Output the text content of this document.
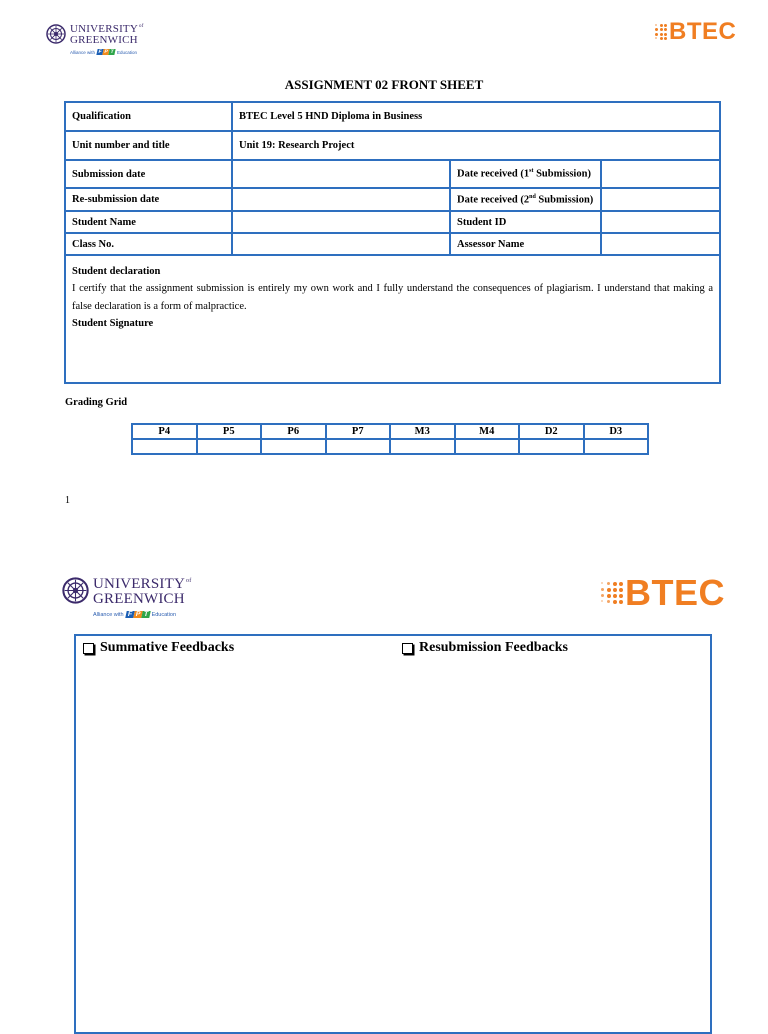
$UNIVERSITY_{of}$
GREENWICH
Alliance with F P T Education
BTEC
ASSIGNMENT 02 FRONT SHEET
Qualification	BTEC Level 5 HND Diploma in Business		
Unit number and title	Unit 19: Research Project		
Submission date		Date received (1st Submission)	
Re-submission date		Date received (2nd Submission)	
Student Name		Student ID	
Class No.		Assessor Name	

Student declaration
I certify that the assignment submission is entirely my own work and I fully understand the consequences of plagiarism. I understand that making a false declaration is a form of malpractice.
Student Signature			
Grading Grid
P4	P5	P6	P7	M3	M4	D2	D3

1
$UNIVERSITY_{of}$
GREENWICH
Alliance with F P T Education
BTEC
Summative Feedbacks	Resubmission Feedbacks
